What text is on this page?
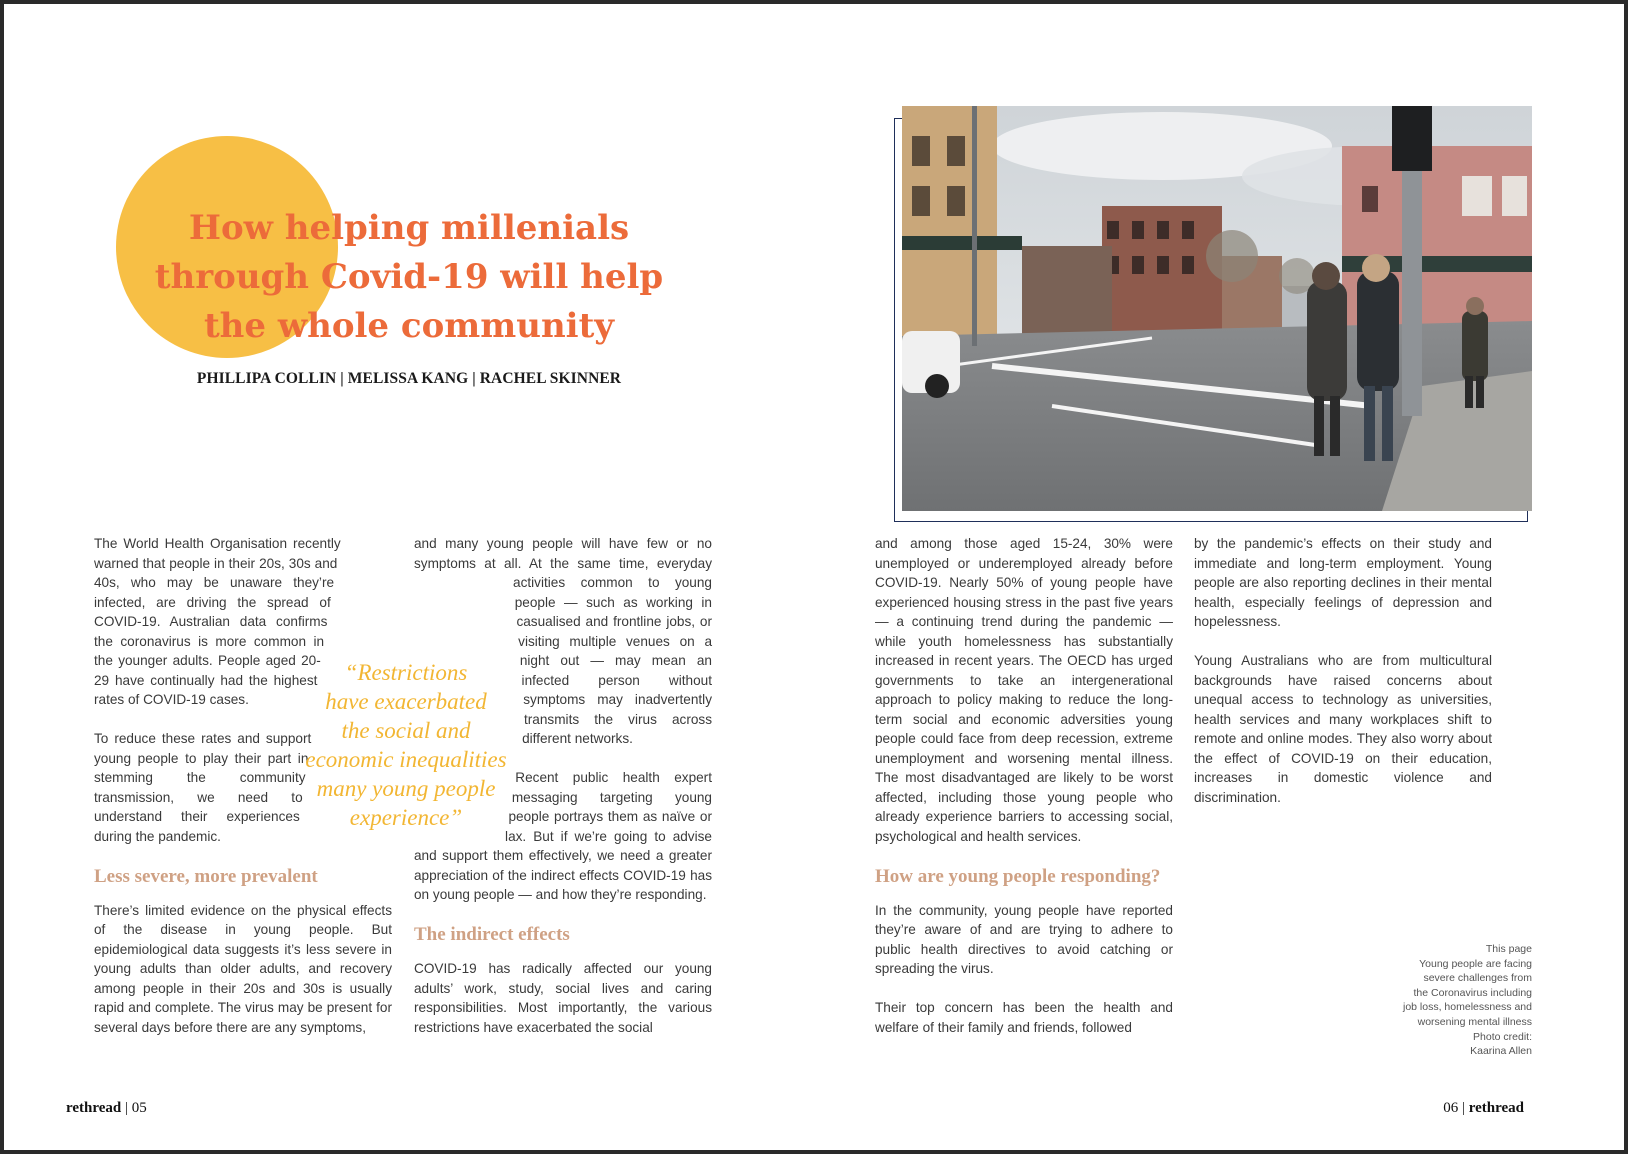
How helping millenials
through Covid-19 will help
the whole community
PHILLIPA COLLIN | MELISSA KANG | RACHEL SKINNER

The World Health Organisation recently warned that people in their 20s, 30s and 40s, who may be unaware they’re infected, are driving the spread of COVID-19. Australian data confirms the coronavirus is more common in the younger adults. People aged 20-29 have continually had the highest rates of COVID-19 cases.

To reduce these rates and support young people to play their part in stemming the community transmission, we need to understand their experiences during the pandemic.

Less severe, more prevalent

There’s limited evidence on the physical effects of the disease in young people. But epidemiological data suggests it’s less severe in young adults than older adults, and recovery among people in their 20s and 30s is usually rapid and complete. The virus may be present for several days before there are any symptoms,

and many young people will have few or no symptoms at all. At the same time, everyday activities common to young people — such as working in casualised and frontline jobs, or visiting multiple venues on a night out — may mean an infected person without symptoms may inadvertently transmits the virus across different networks.

Recent public health expert messaging targeting young people portrays them as naïve or lax. But if we’re going to advise and support them effectively, we need a greater appreciation of the indirect effects COVID-19 has on young people — and how they’re responding.

The indirect effects

COVID-19 has radically affected our young adults’ work, study, social lives and caring responsibilities. Most importantly, the various restrictions have exacerbated the social

“Restrictions
have exacerbated
the social and
economic inequalities
many young people
experience”

and among those aged 15-24, 30% were unemployed or underemployed already before COVID-19. Nearly 50% of young people have experienced housing stress in the past five years — a continuing trend during the pandemic — while youth homelessness has substantially increased in recent years. The OECD has urged governments to take an intergenerational approach to policy making to reduce the long-term social and economic adversities young people could face from deep recession, extreme unemployment and worsening mental illness. The most disadvantaged are likely to be worst affected, including those young people who already experience barriers to accessing social, psychological and health services.

How are young people responding?

In the community, young people have reported they’re aware of and are trying to adhere to public health directives to avoid catching or spreading the virus.

Their top concern has been the health and welfare of their family and friends, followed

by the pandemic’s effects on their study and immediate and long-term employment. Young people are also reporting declines in their mental health, especially feelings of depression and hopelessness.

Young Australians who are from multicultural backgrounds have raised concerns about unequal access to technology as universities, health services and many workplaces shift to remote and online modes. They also worry about the effect of COVID-19 on their education, increases in domestic violence and discrimination.

This page
Young people are facing
severe challenges from
the Coronavirus including
job loss, homelessness and
worsening mental illness
Photo credit:
Kaarina Allen
rethread | 05	06 | rethread
